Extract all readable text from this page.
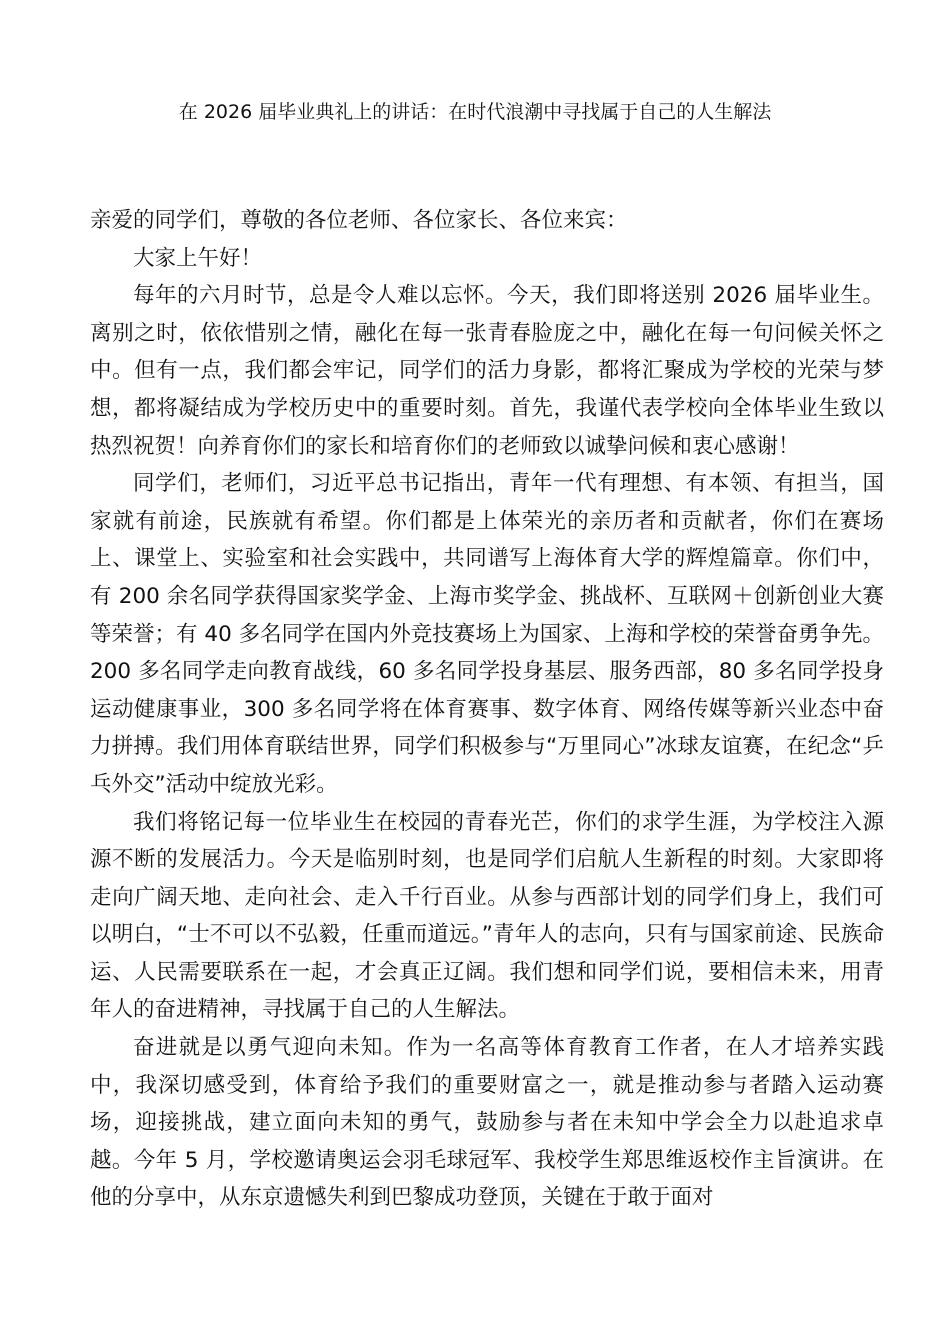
在 2026 届毕业典礼上的讲话：在时代浪潮中寻找属于自己的人生解法

亲爱的同学们，尊敬的各位老师、各位家长、各位来宾：

大家上午好！

每年的六月时节，总是令人难以忘怀。今天，我们即将送别 2026 届毕业生。离别之时，依依惜别之情，融化在每一张青春脸庞之中，融化在每一句问候关怀之中。但有一点，我们都会牢记，同学们的活力身影，都将汇聚成为学校的光荣与梦想，都将凝结成为学校历史中的重要时刻。首先，我谨代表学校向全体毕业生致以热烈祝贺！向养育你们的家长和培育你们的老师致以诚挚问候和衷心感谢！

同学们，老师们，习近平总书记指出，青年一代有理想、有本领、有担当，国家就有前途，民族就有希望。你们都是上体荣光的亲历者和贡献者，你们在赛场上、课堂上、实验室和社会实践中，共同谱写上海体育大学的辉煌篇章。你们中，有 200 余名同学获得国家奖学金、上海市奖学金、挑战杯、互联网＋创新创业大赛等荣誉；有 40 多名同学在国内外竞技赛场上为国家、上海和学校的荣誉奋勇争先。200 多名同学走向教育战线，60 多名同学投身基层、服务西部，80 多名同学投身运动健康事业，300 多名同学将在体育赛事、数字体育、网络传媒等新兴业态中奋力拼搏。我们用体育联结世界，同学们积极参与“万里同心”冰球友谊赛，在纪念“乒乓外交”活动中绽放光彩。

我们将铭记每一位毕业生在校园的青春光芒，你们的求学生涯，为学校注入源源不断的发展活力。今天是临别时刻，也是同学们启航人生新程的时刻。大家即将走向广阔天地、走向社会、走入千行百业。从参与西部计划的同学们身上，我们可以明白，“士不可以不弘毅，任重而道远。”青年人的志向，只有与国家前途、民族命运、人民需要联系在一起，才会真正辽阔。我们想和同学们说，要相信未来，用青年人的奋进精神，寻找属于自己的人生解法。

奋进就是以勇气迎向未知。作为一名高等体育教育工作者，在人才培养实践中，我深切感受到，体育给予我们的重要财富之一，就是推动参与者踏入运动赛场，迎接挑战，建立面向未知的勇气，鼓励参与者在未知中学会全力以赴追求卓越。今年 5 月，学校邀请奥运会羽毛球冠军、我校学生郑思维返校作主旨演讲。在他的分享中，从东京遗憾失利到巴黎成功登顶，关键在于敢于面对
